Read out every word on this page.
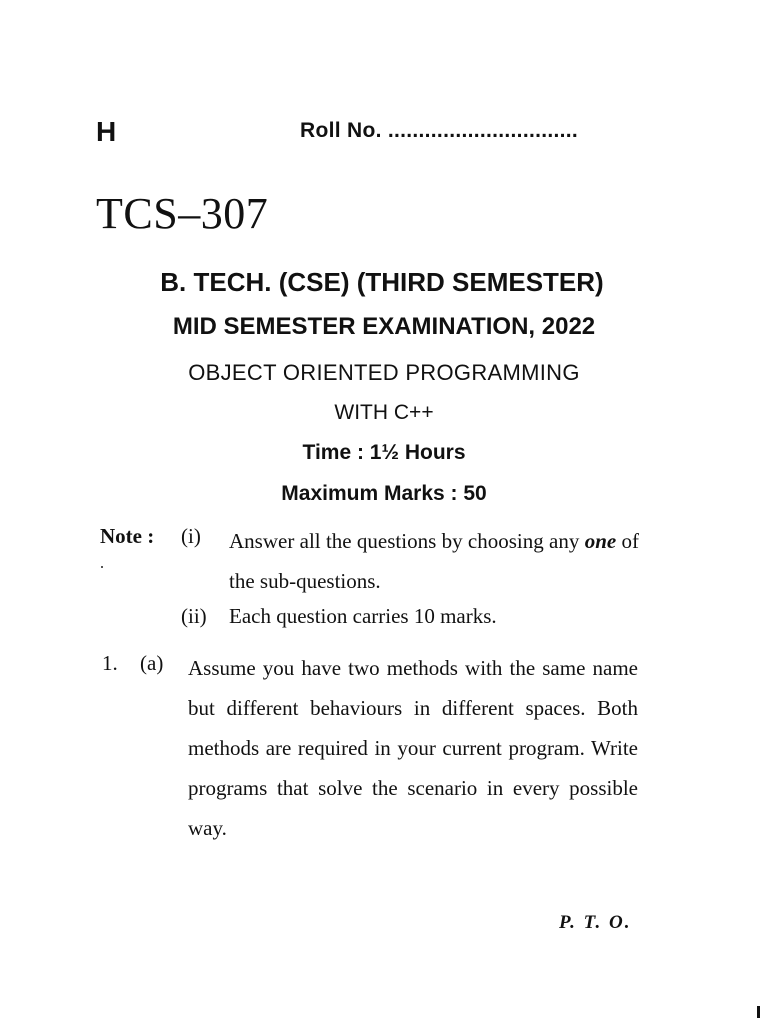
H	Roll No. ...............................
TCS–307
B. TECH. (CSE) (THIRD SEMESTER)
MID SEMESTER EXAMINATION, 2022
OBJECT ORIENTED PROGRAMMING
WITH C++
Time : 1½ Hours
Maximum Marks : 50
Note : (i) Answer all the questions by choosing any one of the sub-questions.
(ii) Each question carries 10 marks.
1. (a) Assume you have two methods with the same name but different behaviours in different spaces. Both methods are required in your current program. Write programs that solve the scenario in every possible way.
P. T. O.
